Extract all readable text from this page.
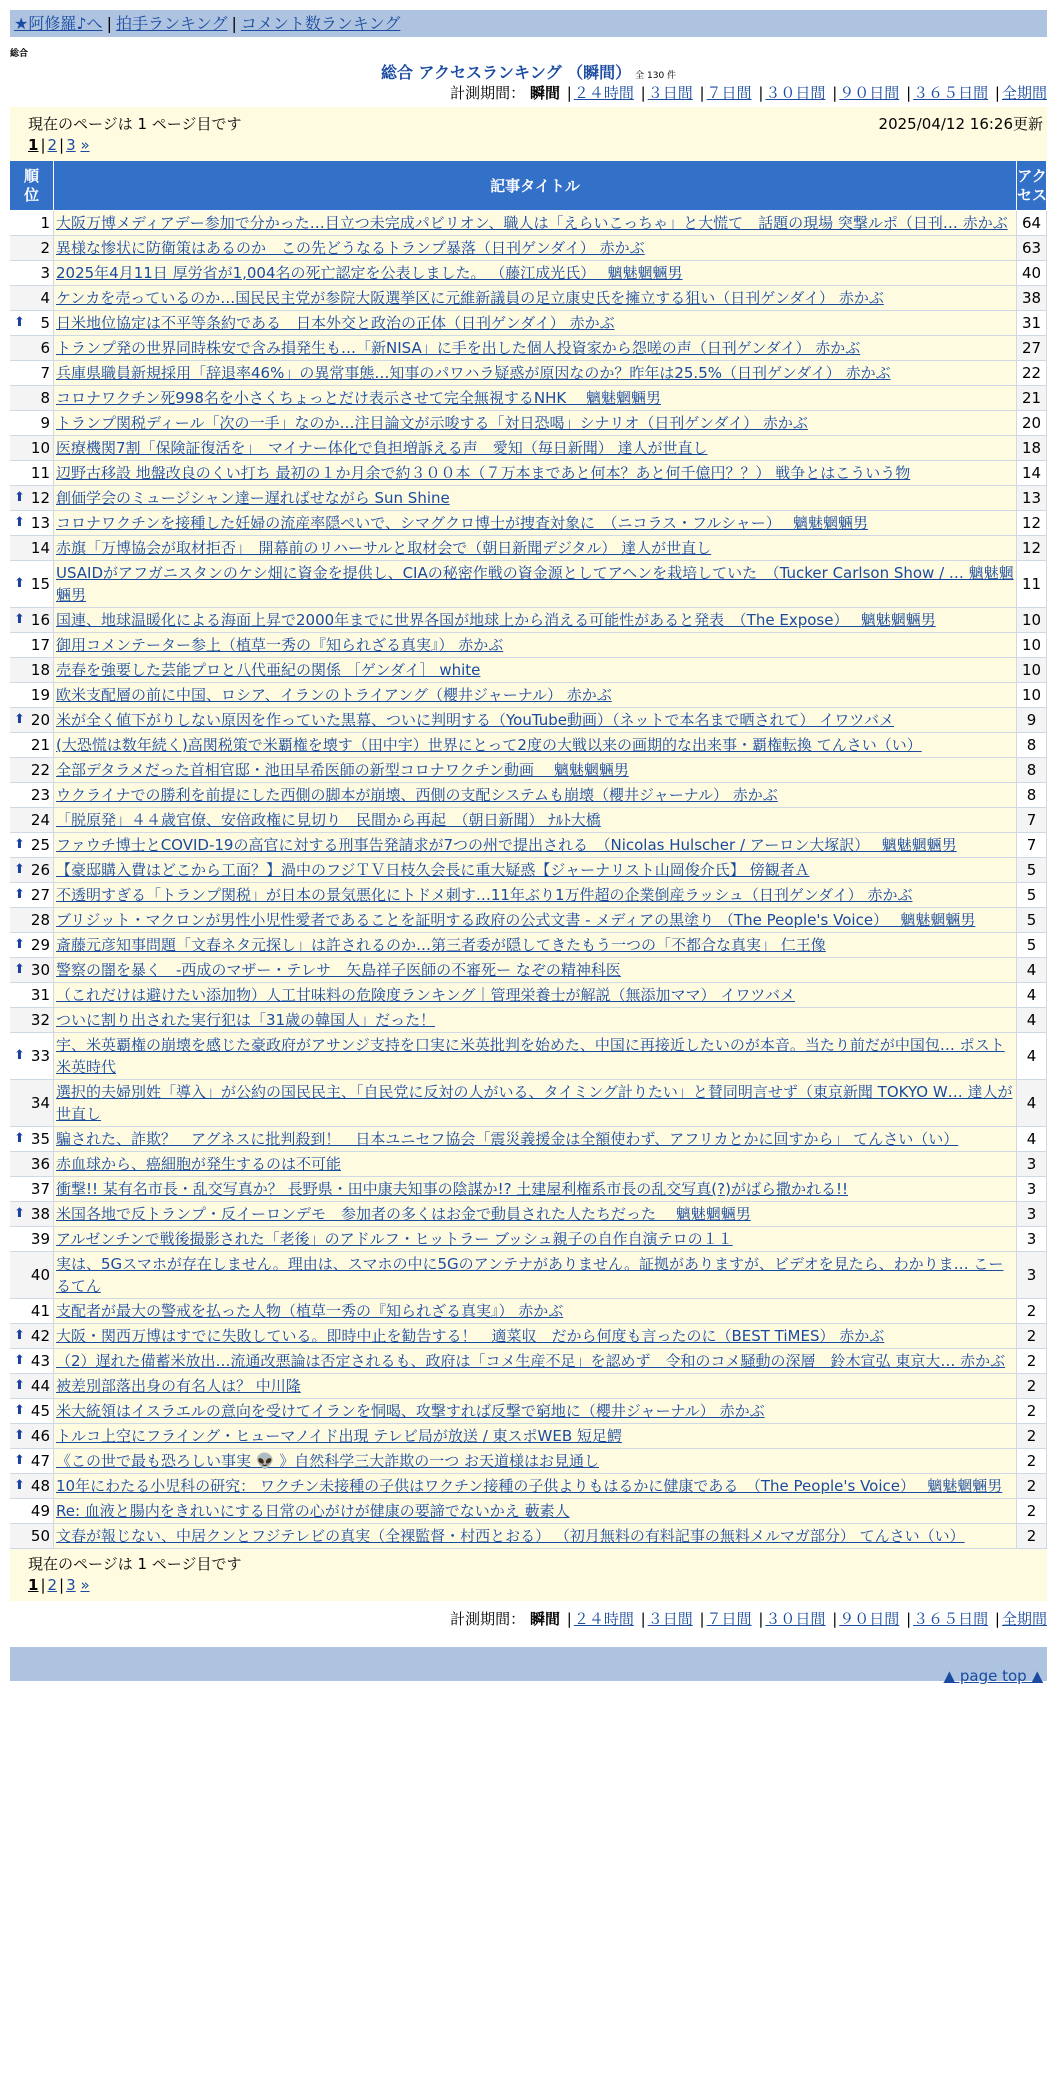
★阿修羅♪へ | 拍手ランキング | コメント数ランキング
総合
総合 アクセスランキング （瞬間） 全 130 件
計測期間： 瞬間 | ２４時間 | ３日間 | ７日間 | ３０日間 | ９０日間 | ３６５日間 | 全期間
現在のページは 1 ページ目です	2025/04/12 16:26更新
1 | 2 | 3 »
順位	記事タイトル	アクセス
1	大阪万博メディアデー参加で分かった…目立つ未完成パビリオン、職人は「えらいこっちゃ」と大慌て　話題の現場 突撃ルポ（日刊… 赤かぶ	64
2	異様な惨状に防衛策はあるのか　この先どうなるトランプ暴落（日刊ゲンダイ） 赤かぶ	63
3	2025年4月11日 厚労省が1,004名の死亡認定を公表しました。 （藤江成光氏）　 魑魅魍魎男	40
4	ケンカを売っているのか…国民民主党が参院大阪選挙区に元維新議員の足立康史氏を擁立する狙い（日刊ゲンダイ） 赤かぶ	38

⬆ 5	日米地位協定は不平等条約である　日本外交と政治の正体（日刊ゲンダイ） 赤かぶ	31
6	トランプ発の世界同時株安で含み損発生も…「新NISA」に手を出した個人投資家から怨嗟の声（日刊ゲンダイ） 赤かぶ	27
7	兵庫県職員新規採用「辞退率46%」の異常事態…知事のパワハラ疑惑が原因なのか？昨年は25.5%（日刊ゲンダイ） 赤かぶ	22
8	コロナワクチン死998名を小さくちょっとだけ表示させて完全無視するNHK　 魑魅魍魎男	21
9	トランプ関税ディール「次の一手」なのか…注目論文が示唆する「対日恐喝」シナリオ（日刊ゲンダイ） 赤かぶ	20
10	医療機関7割「保険証復活を」　マイナー体化で負担増訴える声　愛知（毎日新聞） 達人が世直し	18
11	辺野古移設 地盤改良のくい打ち 最初の１か月余で約３００本（７万本まであと何本？あと何千億円？？） 戦争とはこういう物	14

⬆ 12	創価学会のミュージシャン達ー遅ればせながら Sun Shine	13

⬆ 13	コロナワクチンを接種した妊婦の流産率隠ぺいで、シマグクロ博士が捜査対象に　（ニコラス・フルシャー）　 魑魅魍魎男	12
14	赤旗「万博協会が取材拒否」　開幕前のリハーサルと取材会で（朝日新聞デジタル） 達人が世直し	12

⬆ 15	USAIDがアフガニスタンのケシ畑に資金を提供し、CIAの秘密作戦の資金源としてアヘンを栽培していた　（Tucker Carlson Show / … 魑魅魍魎男	11

⬆ 16	国連、地球温暖化による海面上昇で2000年までに世界各国が地球上から消える可能性があると発表　（The Expose）　 魑魅魍魎男	10
17	御用コメンテーター参上（植草一秀の『知られざる真実』） 赤かぶ	10
18	売春を強要した芸能プロと八代亜紀の関係 ［ゲンダイ］ white	10
19	欧米支配層の前に中国、ロシア、イランのトライアング（櫻井ジャーナル） 赤かぶ	10

⬆ 20	米が全く値下がりしない原因を作っていた黒幕、ついに判明する（YouTube動画）（ネットで本名まで晒されて） イワツバメ	9
21	(大恐慌は数年続く)高関税策で米覇権を壊す（田中宇）世界にとって2度の大戦以来の画期的な出来事・覇権転換 てんさい（い）	8
22	全部デタラメだった首相官邸・池田早希医師の新型コロナワクチン動画　 魑魅魍魎男	8
23	ウクライナでの勝利を前提にした西側の脚本が崩壊、西側の支配システムも崩壊（櫻井ジャーナル） 赤かぶ	8
24	「脱原発」４４歳官僚、安倍政権に見切り　民間から再起　（朝日新聞） ﾅﾙﾄ大橋	7

⬆ 25	ファウチ博士とCOVID-19の高官に対する刑事告発請求が7つの州で提出される　（Nicolas Hulscher / アーロン大塚訳）　 魑魅魍魎男	7

⬆ 26	【豪邸購入費はどこから工面？】渦中のフジＴＶ日枝久会長に重大疑惑【ジャーナリスト山岡俊介氏】 傍観者Ａ	5

⬆ 27	不透明すぎる「トランプ関税」が日本の景気悪化にトドメ刺す…11年ぶり1万件超の企業倒産ラッシュ（日刊ゲンダイ） 赤かぶ	5
28	ブリジット・マクロンが男性小児性愛者であることを証明する政府の公式文書 - メディアの黒塗り （The People's Voice）　 魑魅魍魎男	5

⬆ 29	斎藤元彦知事問題「文春ネタ元探し」は許されるのか…第三者委が隠してきたもう一つの「不都合な真実」 仁王像	5

⬆ 30	警察の闇を暴く　-西成のマザー・テレサ　矢島祥子医師の不審死ー なぞの精神科医	4
31	（これだけは避けたい添加物）人工甘味料の危険度ランキング｜管理栄養士が解説（無添加ママ） イワツバメ	4
32	ついに割り出された実行犯は「31歳の韓国人」だった！	4

⬆ 33	宇、米英覇権の崩壊を感じた豪政府がアサンジ支持を口実に米英批判を始めた、中国に再接近したいのが本音。当たり前だが中国包… ポスト米英時代	4
34	選択的夫婦別姓「導入」が公約の国民民主、「自民党に反対の人がいる、タイミング計りたい」と賛同明言せず（東京新聞 TOKYO W… 達人が世直し	4

⬆ 35	騙された、詐欺？　アグネスに批判殺到！　日本ユニセフ協会「震災義援金は全額使わず、アフリカとかに回すから」 てんさい（い）	4
36	赤血球から、癌細胞が発生するのは不可能	3
37	衝撃!! 某有名市長・乱交写真か？ 長野県・田中康夫知事の陰謀か!? 土建屋利権系市長の乱交写真(?)がばら撒かれる!!	3

⬆ 38	米国各地で反トランプ・反イーロンデモ　参加者の多くはお金で動員された人たちだった　 魑魅魍魎男	3
39	アルゼンチンで戦後撮影された「老後」のアドルフ・ヒットラー ブッシュ親子の自作自演テロの１１	3
40	実は、5Gスマホが存在しません。理由は、スマホの中に5Gのアンテナがありません。証拠がありますが、ビデオを見たら、わかりま… こーるてん	3
41	支配者が最大の警戒を払った人物（植草一秀の『知られざる真実』） 赤かぶ	2

⬆ 42	大阪・関西万博はすでに失敗している。即時中止を勧告する！　適菜収　だから何度も言ったのに（BEST TiMES） 赤かぶ	2

⬆ 43	（2）遅れた備蓄米放出…流通改悪論は否定されるも、政府は「コメ生産不足」を認めず　令和のコメ騒動の深層　鈴木宣弘 東京大… 赤かぶ	2

⬆ 44	被差別部落出身の有名人は？ 中川隆	2

⬆ 45	米大統領はイスラエルの意向を受けてイランを恫喝、攻撃すれば反撃で窮地に（櫻井ジャーナル） 赤かぶ	2

⬆ 46	トルコ上空にフライング・ヒューマノイド出現 テレビ局が放送 / 東スポWEB 短足鰐	2

⬆ 47	《この世で最も恐ろしい事実 👽 》自然科学三大詐欺の一つ お天道様はお見通し	2

⬆ 48	10年にわたる小児科の研究： ワクチン未接種の子供はワクチン接種の子供よりもはるかに健康である　（The People's Voice）　 魑魅魍魎男	2
49	Re: 血液と腸内をきれいにする日常の心がけが健康の要諦でないかえ 藪素人	2
50	文春が報じない、中居クンとフジテレビの真実（全裸監督・村西とおる） （初月無料の有料記事の無料メルマガ部分） てんさい（い）	2
現在のページは 1 ページ目です
1 | 2 | 3 »
計測期間： 瞬間 | ２４時間 | ３日間 | ７日間 | ３０日間 | ９０日間 | ３６５日間 | 全期間
▲ page top ▲
